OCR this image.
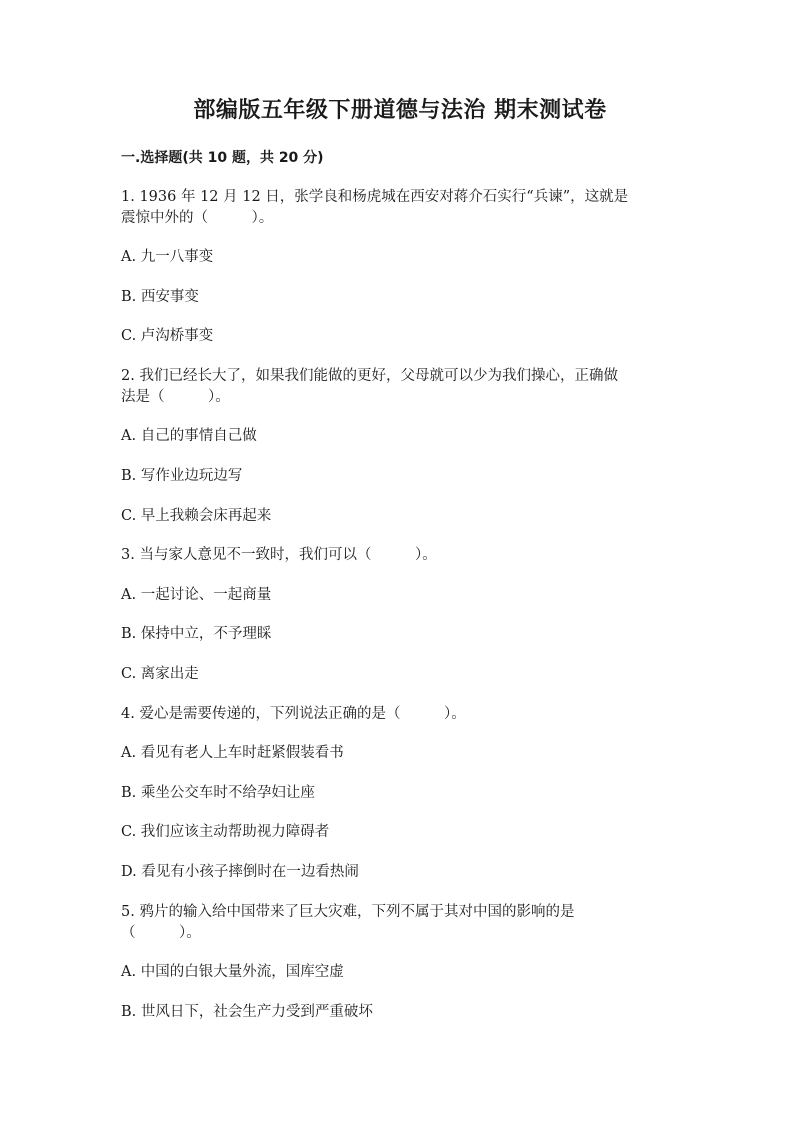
部编版五年级下册道德与法治 期末测试卷
一.选择题(共 10 题，共 20 分)
1. 1936 年 12 月 12 日，张学良和杨虎城在西安对蒋介石实行“兵谏”，这就是
震惊中外的（　　　）。
A. 九一八事变
B. 西安事变
C. 卢沟桥事变
2. 我们已经长大了，如果我们能做的更好，父母就可以少为我们操心，正确做
法是（　　　）。
A. 自己的事情自己做
B. 写作业边玩边写
C. 早上我赖会床再起来
3. 当与家人意见不一致时，我们可以（　　　）。
A. 一起讨论、一起商量
B. 保持中立，不予理睬
C. 离家出走
4. 爱心是需要传递的，下列说法正确的是（　　　）。
A. 看见有老人上车时赶紧假装看书
B. 乘坐公交车时不给孕妇让座
C. 我们应该主动帮助视力障碍者
D. 看见有小孩子摔倒时在一边看热闹
5. 鸦片的输入给中国带来了巨大灾难，下列不属于其对中国的影响的是
（　　　）。
A. 中国的白银大量外流，国库空虚
B. 世风日下，社会生产力受到严重破坏
